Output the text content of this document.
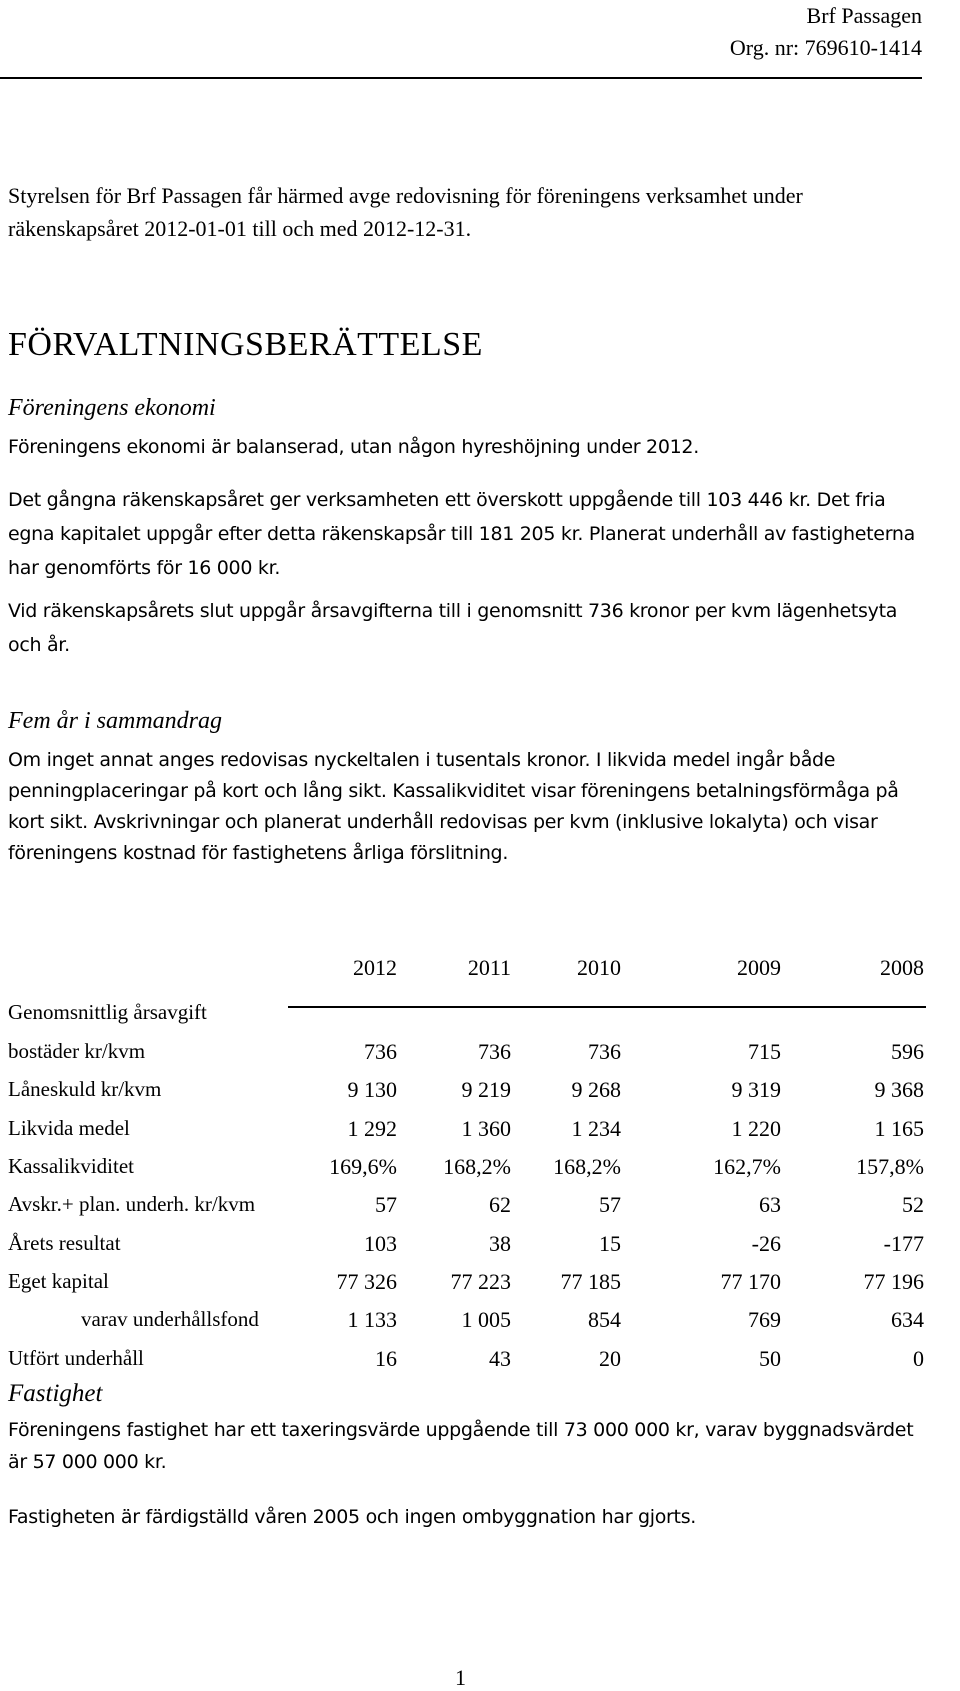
Brf Passagen
Org. nr: 769610-1414
Styrelsen för Brf Passagen får härmed avge redovisning för föreningens verksamhet under räkenskapsåret 2012-01-01 till och med 2012-12-31.
FÖRVALTNINGSBERÄTTELSE
Föreningens ekonomi
Föreningens ekonomi är balanserad, utan någon hyreshöjning under 2012.
Det gångna räkenskapsåret ger verksamheten ett överskott uppgående till 103 446 kr. Det fria egna kapitalet uppgår efter detta räkenskapsår till 181 205 kr. Planerat underhåll av fastigheterna har genomförts för 16 000 kr.
Vid räkenskapsårets slut uppgår årsavgifterna till i genomsnitt 736 kronor per kvm lägenhetsyta och år.
Fem år i sammandrag
Om inget annat anges redovisas nyckeltalen i tusentals kronor. I likvida medel ingår både penningplaceringar på kort och lång sikt. Kassalikviditet visar föreningens betalningsförmåga på kort sikt. Avskrivningar och planerat underhåll redovisas per kvm (inklusive lokalyta) och visar föreningens kostnad för fastighetens årliga förslitning.
2012	2011	2010	2009	2008
Genomsnittlig årsavgift
bostäder kr/kvm	736	736	736	715	596
Låneskuld kr/kvm	9 130	9 219	9 268	9 319	9 368
Likvida medel	1 292	1 360	1 234	1 220	1 165
Kassalikviditet	169,6%	168,2%	168,2%	162,7%	157,8%
Avskr.+ plan. underh. kr/kvm	57	62	57	63	52
Årets resultat	103	38	15	-26	-177
Eget kapital	77 326	77 223	77 185	77 170	77 196
varav underhållsfond	1 133	1 005	854	769	634
Utfört underhåll	16	43	20	50	0
Fastighet
Föreningens fastighet har ett taxeringsvärde uppgående till 73 000 000 kr, varav byggnadsvärdet är 57 000 000 kr.
Fastigheten är färdigställd våren 2005 och ingen ombyggnation har gjorts.
1
